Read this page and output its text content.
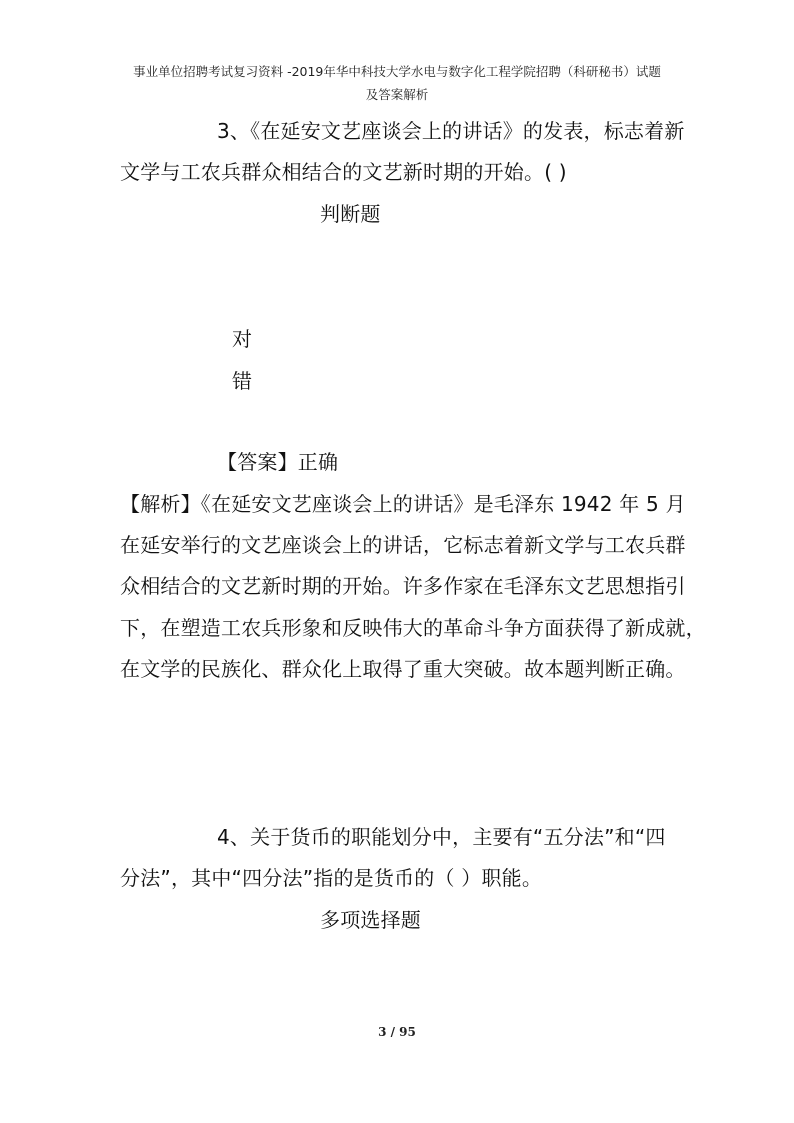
事业单位招聘考试复习资料 -2019年华中科技大学水电与数字化工程学院招聘（科研秘书）试题
及答案解析
3、《在延安文艺座谈会上的讲话》的发表，标志着新
文学与工农兵群众相结合的文艺新时期的开始。( )
判断题
对
错
【答案】正确
【解析】《在延安文艺座谈会上的讲话》是毛泽东 1942 年 5 月
在延安举行的文艺座谈会上的讲话，它标志着新文学与工农兵群
众相结合的文艺新时期的开始。许多作家在毛泽东文艺思想指引
下，在塑造工农兵形象和反映伟大的革命斗争方面获得了新成就，
在文学的民族化、群众化上取得了重大突破。故本题判断正确。
4、关于货币的职能划分中，主要有“五分法”和“四
分法”，其中“四分法”指的是货币的（ ）职能。
多项选择题
3 / 95
